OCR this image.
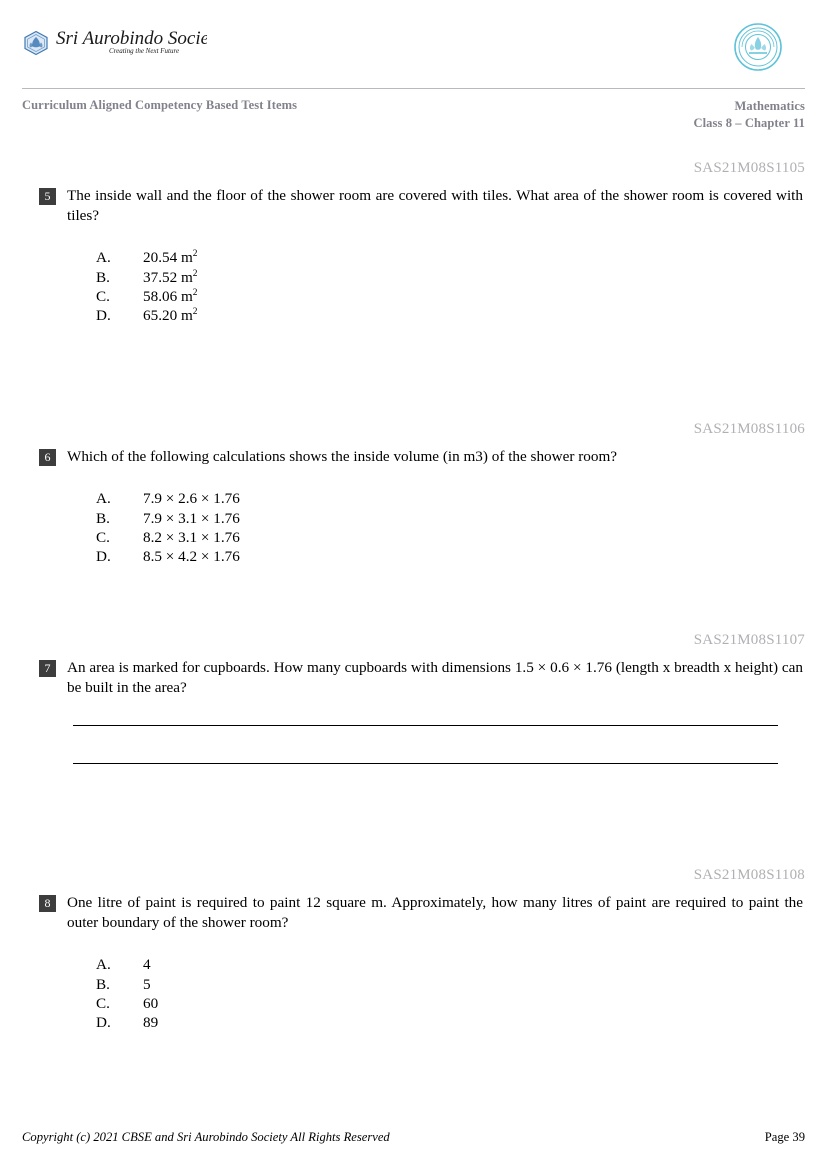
Sri Aurobindo Society
Creating the Next Future
Curriculum Aligned Competency Based Test Items	Mathematics
Class 8 – Chapter 11
SAS21M08S1105
5	The inside wall and the floor of the shower room are covered with tiles. What area of the shower room is covered with tiles?
A.	20.54 $m^2$
B.	37.52 $m^2$
C.	58.06 $m^2$
D.	65.20 $m^2$
SAS21M08S1106
6	Which of the following calculations shows the inside volume (in m3) of the shower room?
A.	7.9 × 2.6 × 1.76
B.	7.9 × 3.1 × 1.76
C.	8.2 × 3.1 × 1.76
D.	8.5 × 4.2 × 1.76
SAS21M08S1107
7	An area is marked for cupboards. How many cupboards with dimensions 1.5 × 0.6 × 1.76 (length x breadth x height) can be built in the area?
SAS21M08S1108
8	One litre of paint is required to paint 12 square m. Approximately, how many litres of paint are required to paint the outer boundary of the shower room?
A.	4
B.	5
C.	60
D.	89
Copyright (c) 2021 CBSE and Sri Aurobindo Society All Rights Reserved	Page 39
